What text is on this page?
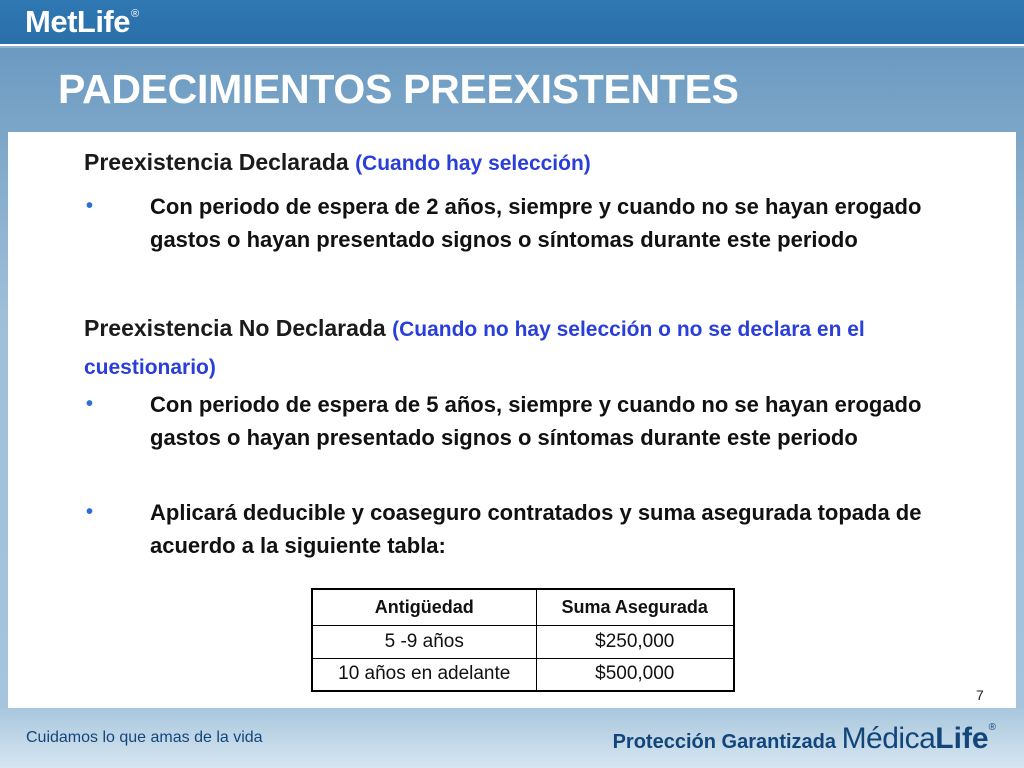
MetLife®
PADECIMIENTOS PREEXISTENTES
Preexistencia Declarada (Cuando hay selección)
•	Con periodo de espera de 2 años, siempre y cuando no se hayan erogado gastos o hayan presentado signos o síntomas durante este periodo
Preexistencia No Declarada (Cuando no hay selección o no se declara en el cuestionario)
•	Con periodo de espera de 5 años, siempre y cuando no se hayan erogado gastos o hayan presentado signos o síntomas durante este periodo
•	Aplicará deducible y coaseguro contratados y suma asegurada topada de acuerdo a la siguiente tabla:
Antigüedad	Suma Asegurada
5 -9 años	$250,000
10 años en adelante	$500,000
7
Cuidamos lo que amas de la vida	Protección Garantizada MédicaLife®
